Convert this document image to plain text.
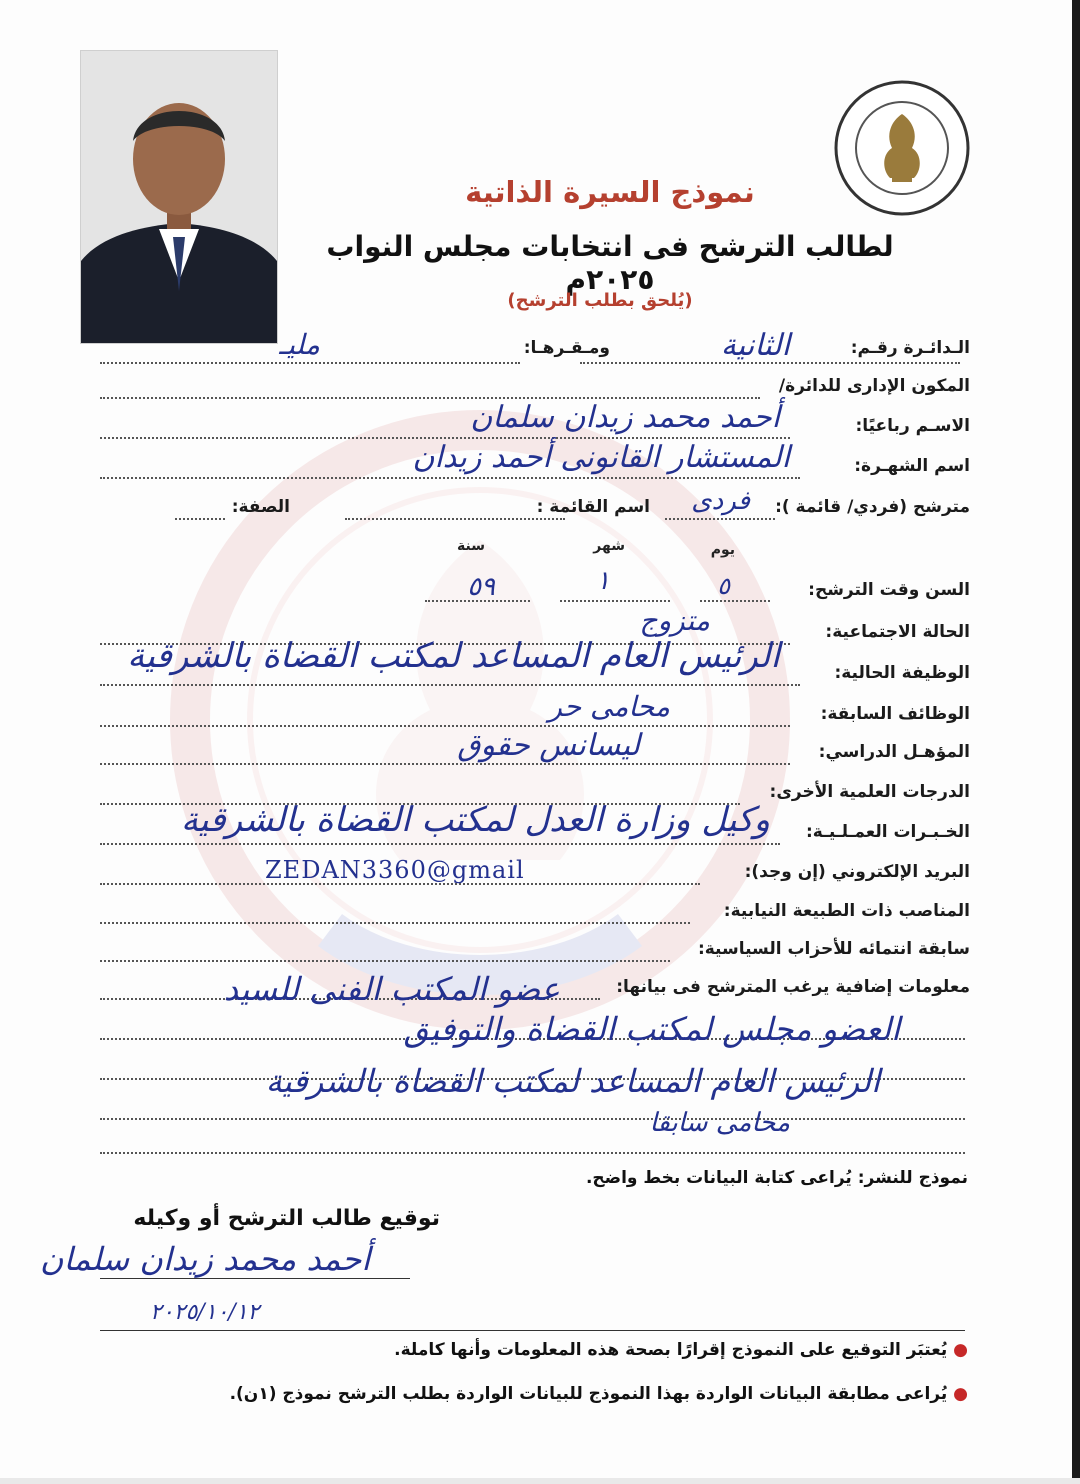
نموذج السيرة الذاتية
لطالب الترشح فى انتخابات مجلس النواب ٢٠٢٥م
(يُلحق بطلب الترشح)
الـدائـرة رقـم:
الثانية
ومـقـرهـا:
مليـ
المكون الإدارى للدائرة/
الاسـم رباعيًا:
أحمد محمد زيدان سلمان
اسم الشهـرة:
المستشار القانونى أحمد زيدان
مترشح (فردي/ قائمة ):
فردى
اسم القائمة :
الصفة:
يوم
شهر
سنة
السن وقت الترشح:
٥
١
٥٩
الحالة الاجتماعية:
متزوج
الوظيفة الحالية:
الرئيس العام المساعد لمكتب القضاة بالشرقية
الوظائف السابقة:
محامى حر
المؤهـل الدراسي:
ليسانس حقوق
الدرجات العلمية الأخرى:
الخـبـرات العمـلـيـة:
وكيل وزارة العدل لمكتب القضاة بالشرقية
البريد الإلكتروني (إن وجد):
ZEDAN3360@gmail
المناصب ذات الطبيعة النيابية:
سابقة انتمائه للأحزاب السياسية:
معلومات إضافية يرغب المترشح فى بيانها:
عضو المكتب الفنى للسيد
العضو مجلس لمكتب القضاة والتوفيق
الرئيس العام المساعد لمكتب القضاة بالشرقية
محامى سابقا
نموذج للنشر: يُراعى كتابة البيانات بخط واضح.
توقيع طالب الترشح أو وكيله
أحمد محمد زيدان سلمان
٢٠٢٥/١٠/١٢
● يُعتبَر التوقيع على النموذج إقرارًا بصحة هذه المعلومات وأنها كاملة.
● يُراعى مطابقة البيانات الواردة بهذا النموذج للبيانات الواردة بطلب الترشح نموذج (١ن).
